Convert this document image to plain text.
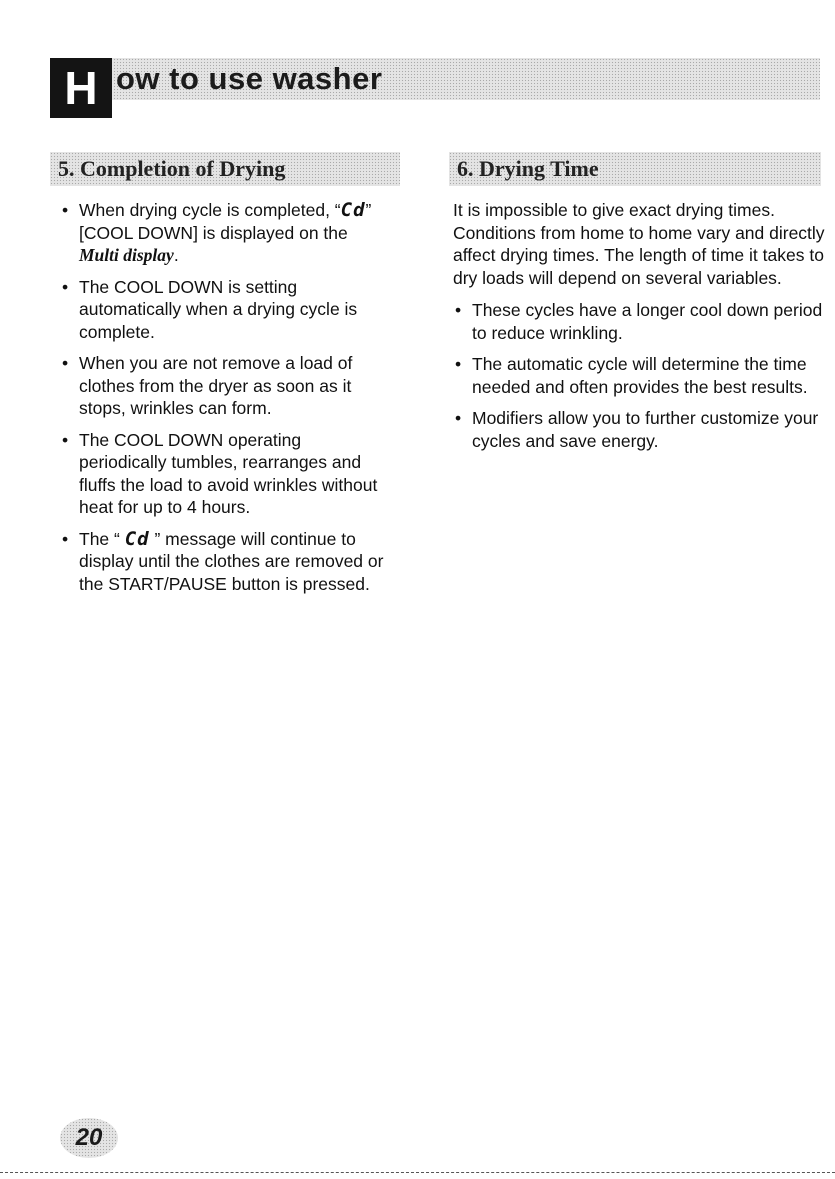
H ow to use washer
5. Completion of Drying
• When drying cycle is completed, “Cd” [COOL DOWN] is displayed on the Multi display.
• The COOL DOWN is setting automatically when a drying cycle is complete.
• When you are not remove a load of clothes from the dryer as soon as it stops, wrinkles can form.
• The COOL DOWN operating periodically tumbles, rearranges and fluffs the load to avoid wrinkles without heat for up to 4 hours.
• The “ Cd ” message will continue to display until the clothes are removed or the START/PAUSE button is pressed.
6. Drying Time

It is impossible to give exact drying times. Conditions from home to home vary and directly affect drying times. The length of time it takes to dry loads will depend on several variables.

• These cycles have a longer cool down period to reduce wrinkling.
• The automatic cycle will determine the time needed and often provides the best results.
• Modifiers allow you to further customize your cycles and save energy.
20
